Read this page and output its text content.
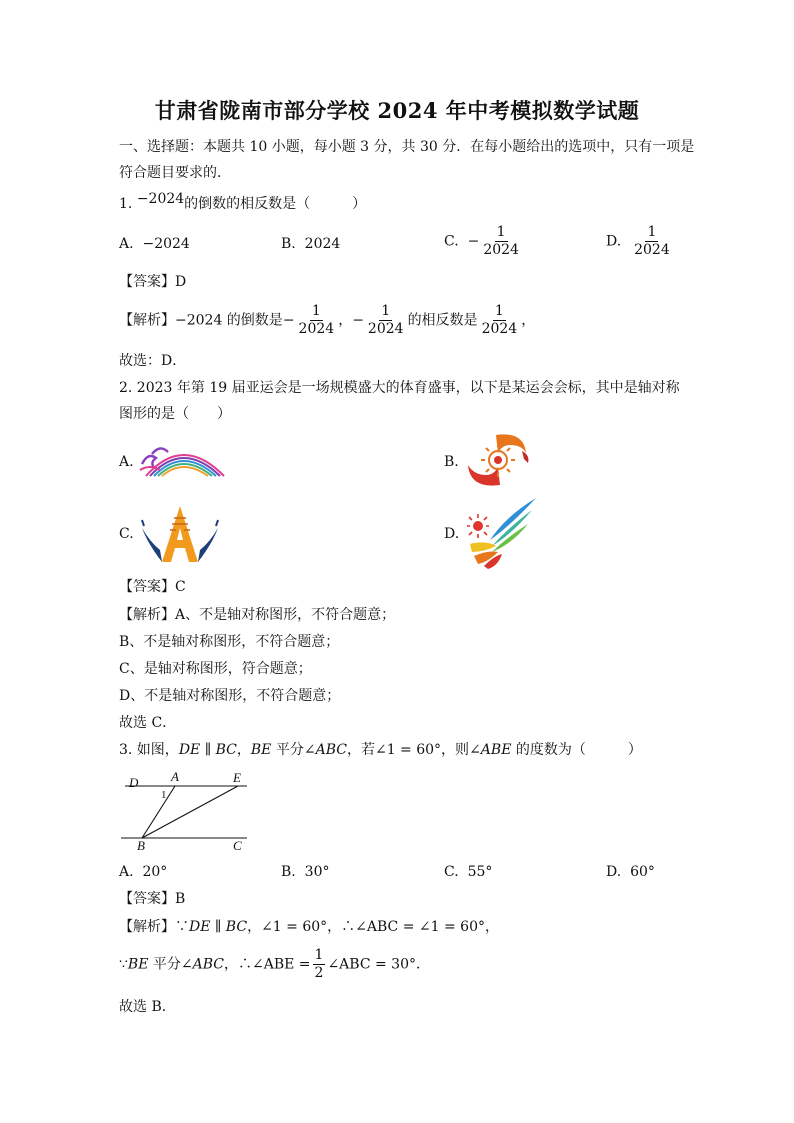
甘肃省陇南市部分学校 2024 年中考模拟数学试题
一、选择题：本题共 10 小题，每小题 3 分，共 30 分．在每小题给出的选项中，只有一项是
符合题目要求的．
1. −2024的倒数的相反数是（　　　）
A. −2024	B. 2024	C. − $\frac{1}{2024}$	D. $\frac{1}{2024}$
【答案】D
【解析】−2024 的倒数是− $\frac{1}{2024}$ ，− $\frac{1}{2024}$ 的相反数是 $\frac{1}{2024}$ ，
故选：D．
2. 2023 年第 19 届亚运会是一场规模盛大的体育盛事，以下是某运会会标，其中是轴对称
图形的是（　　）
A.	B.
C.	D.
【答案】C
【解析】A、不是轴对称图形，不符合题意；
B、不是轴对称图形，不符合题意；
C、是轴对称图形，符合题意；
D、不是轴对称图形，不符合题意；
故选 C．
3. 如图，DE ∥ BC，BE 平分∠ABC，若∠1 = 60°，则∠ABE 的度数为（　　　）
D	A	E
B	C
1
A. 20°	B. 30°	C. 55°	D. 60°
【答案】B
【解析】∵DE ∥ BC，∠1 = 60°，∴∠ABC = ∠1 = 60°，
∵BE 平分∠ABC，∴∠ABE = $\frac{1}{2}$ ∠ABC = 30°．
故选 B．
